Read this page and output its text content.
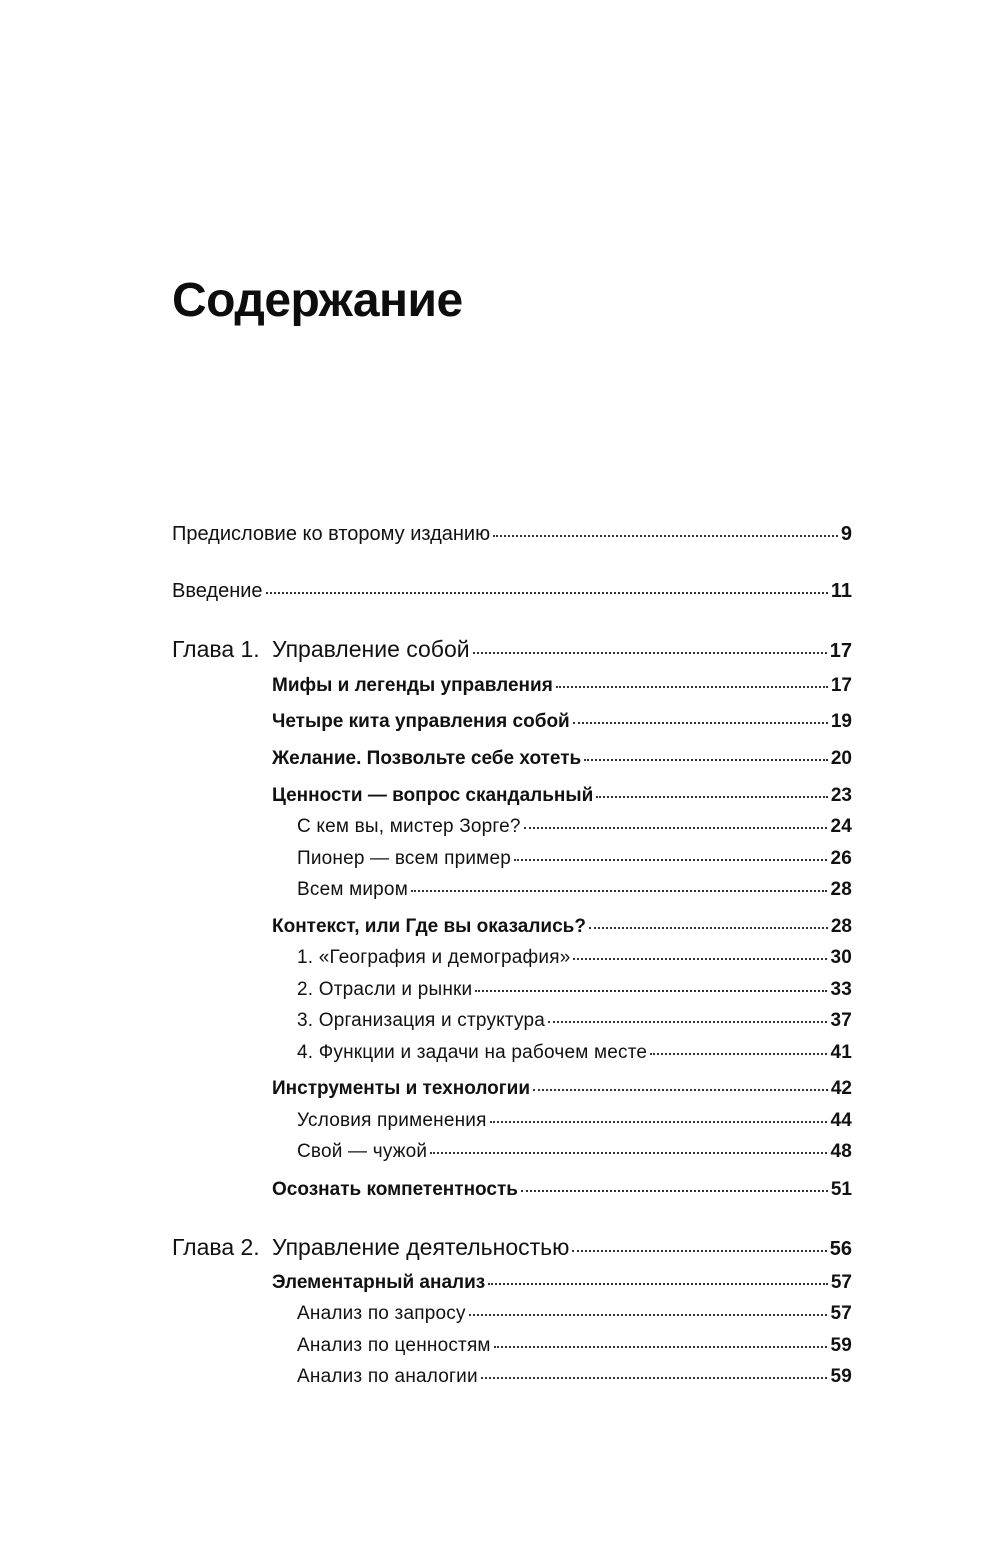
Содержание
Предисловие ко второму изданию	9
Введение	11
Глава 1. Управление собой	17
Мифы и легенды управления	17
Четыре кита управления собой	19
Желание. Позвольте себе хотеть	20
Ценности — вопрос скандальный	23
С кем вы, мистер Зорге?	24
Пионер — всем пример	26
Всем миром	28
Контекст, или Где вы оказались?	28
1. «География и демография»	30
2. Отрасли и рынки	33
3. Организация и структура	37
4. Функции и задачи на рабочем месте	41
Инструменты и технологии	42
Условия применения	44
Свой — чужой	48
Осознать компетентность	51
Глава 2. Управление деятельностью	56
Элементарный анализ	57
Анализ по запросу	57
Анализ по ценностям	59
Анализ по аналогии	59
